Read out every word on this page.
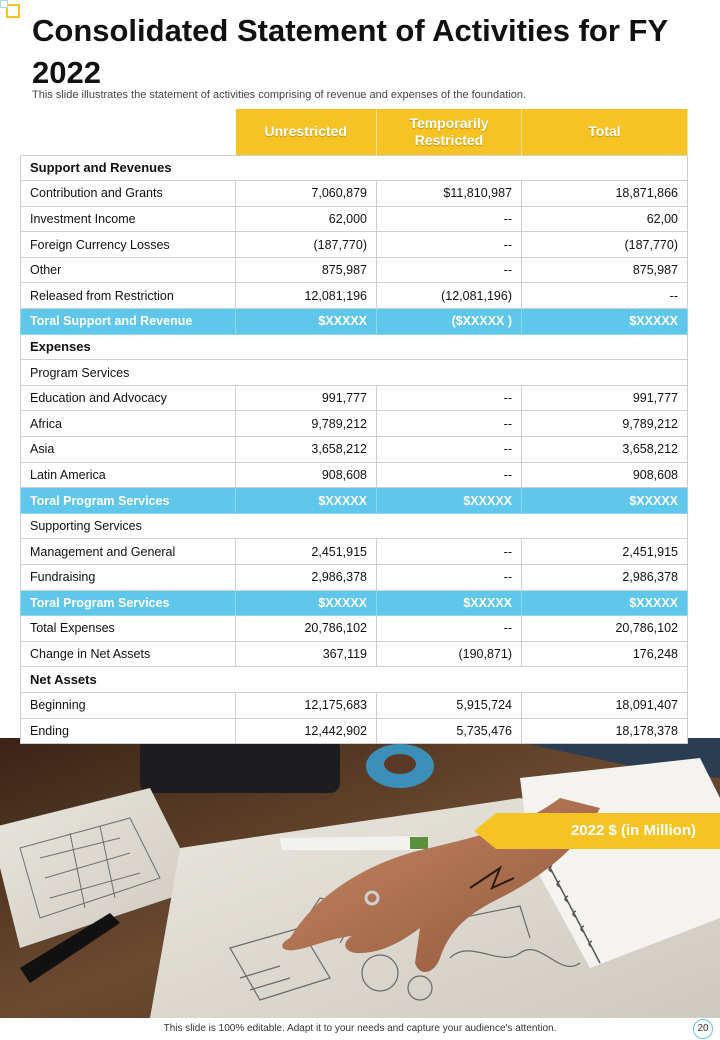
Consolidated Statement of Activities for FY 2022

This slide illustrates the statement of activities comprising of revenue and expenses of the foundation.

	Unrestricted	Temporarily Restricted	Total
Support and Revenues			
Contribution and Grants	7,060,879	$11,810,987	18,871,866
Investment Income	62,000	--	62,00
Foreign Currency Losses	(187,770)	--	(187,770)
Other	875,987	--	875,987
Released from Restriction	12,081,196	(12,081,196)	--
Toral Support and Revenue	$XXXXX	($XXXXX )	$XXXXX
Expenses			
Program Services			
Education and Advocacy	991,777	--	991,777
Africa	9,789,212	--	9,789,212
Asia	3,658,212	--	3,658,212
Latin America	908,608	--	908,608
Toral Program Services	$XXXXX	$XXXXX	$XXXXX
Supporting Services			
Management and General	2,451,915	--	2,451,915
Fundraising	2,986,378	--	2,986,378
Toral Program Services	$XXXXX	$XXXXX	$XXXXX
Total Expenses	20,786,102	--	20,786,102
Change in Net Assets	367,119	(190,871)	176,248
Net Assets			
Beginning	12,175,683	5,915,724	18,091,407
Ending	12,442,902	5,735,476	18,178,378
2022 $ (in Million)
This slide is 100% editable. Adapt it to your needs and capture your audience's attention.	20
